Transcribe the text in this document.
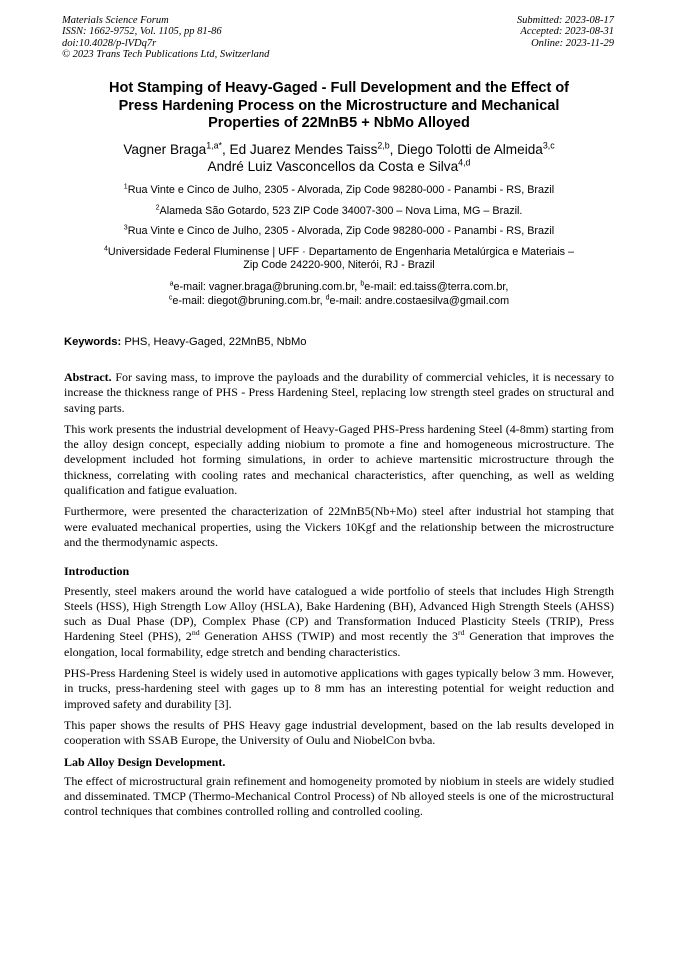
Materials Science Forum
ISSN: 1662-9752, Vol. 1105, pp 81-86
doi:10.4028/p-lVDq7r
© 2023 Trans Tech Publications Ltd, Switzerland
Submitted: 2023-08-17
Accepted: 2023-08-31
Online: 2023-11-29
Hot Stamping of Heavy-Gaged - Full Development and the Effect of
Press Hardening Process on the Microstructure and Mechanical
Properties of 22MnB5 + NbMo Alloyed
Vagner Braga$^{1,a*}$, Ed Juarez Mendes Taiss$^{2,b}$, Diego Tolotti de Almeida$^{3,c}$
André Luiz Vasconcellos da Costa e Silva$^{4,d}$
$^1$Rua Vinte e Cinco de Julho, 2305 - Alvorada, Zip Code 98280-000 - Panambi - RS, Brazil
$^2$Alameda São Gotardo, 523 ZIP Code 34007-300 – Nova Lima, MG – Brazil.
$^3$Rua Vinte e Cinco de Julho, 2305 - Alvorada, Zip Code 98280-000 - Panambi - RS, Brazil
$^4$Universidade Federal Fluminense | UFF · Departamento de Engenharia Metalúrgica e Materiais –
Zip Code 24220-900, Niterói, RJ - Brazil
$^a$e-mail: vagner.braga@bruning.com.br, $^b$e-mail: ed.taiss@terra.com.br,
$^c$e-mail: diegot@bruning.com.br, $^d$e-mail: andre.costaesilva@gmail.com
Keywords: PHS, Heavy-Gaged, 22MnB5, NbMo

Abstract. For saving mass, to improve the payloads and the durability of commercial vehicles, it is necessary to increase the thickness range of PHS - Press Hardening Steel, replacing low strength steel grades on structural and saving parts.

This work presents the industrial development of Heavy-Gaged PHS-Press hardening Steel (4-8mm) starting from the alloy design concept, especially adding niobium to promote a fine and homogeneous microstructure. The development included hot forming simulations, in order to achieve martensitic microstructure through the thickness, correlating with cooling rates and mechanical characteristics, after quenching, as well as welding qualification and fatigue evaluation.

Furthermore, were presented the characterization of 22MnB5(Nb+Mo) steel after industrial hot stamping that were evaluated mechanical properties, using the Vickers 10Kgf and the relationship between the microstructure and the thermodynamic aspects.

Introduction

Presently, steel makers around the world have catalogued a wide portfolio of steels that includes High Strength Steels (HSS), High Strength Low Alloy (HSLA), Bake Hardening (BH), Advanced High Strength Steels (AHSS) such as Dual Phase (DP), Complex Phase (CP) and Transformation Induced Plasticity Steels (TRIP), Press Hardening Steel (PHS), 2nd Generation AHSS (TWIP) and most recently the 3rd Generation that improves the elongation, local formability, edge stretch and bending characteristics.

PHS-Press Hardening Steel is widely used in automotive applications with gages typically below 3 mm. However, in trucks, press-hardening steel with gages up to 8 mm has an interesting potential for weight reduction and improved safety and durability [3].

This paper shows the results of PHS Heavy gage industrial development, based on the lab results developed in cooperation with SSAB Europe, the University of Oulu and NiobelCon bvba.

Lab Alloy Design Development.

The effect of microstructural grain refinement and homogeneity promoted by niobium in steels are widely studied and disseminated. TMCP (Thermo-Mechanical Control Process) of Nb alloyed steels is one of the microstructural control techniques that combines controlled rolling and controlled cooling.
